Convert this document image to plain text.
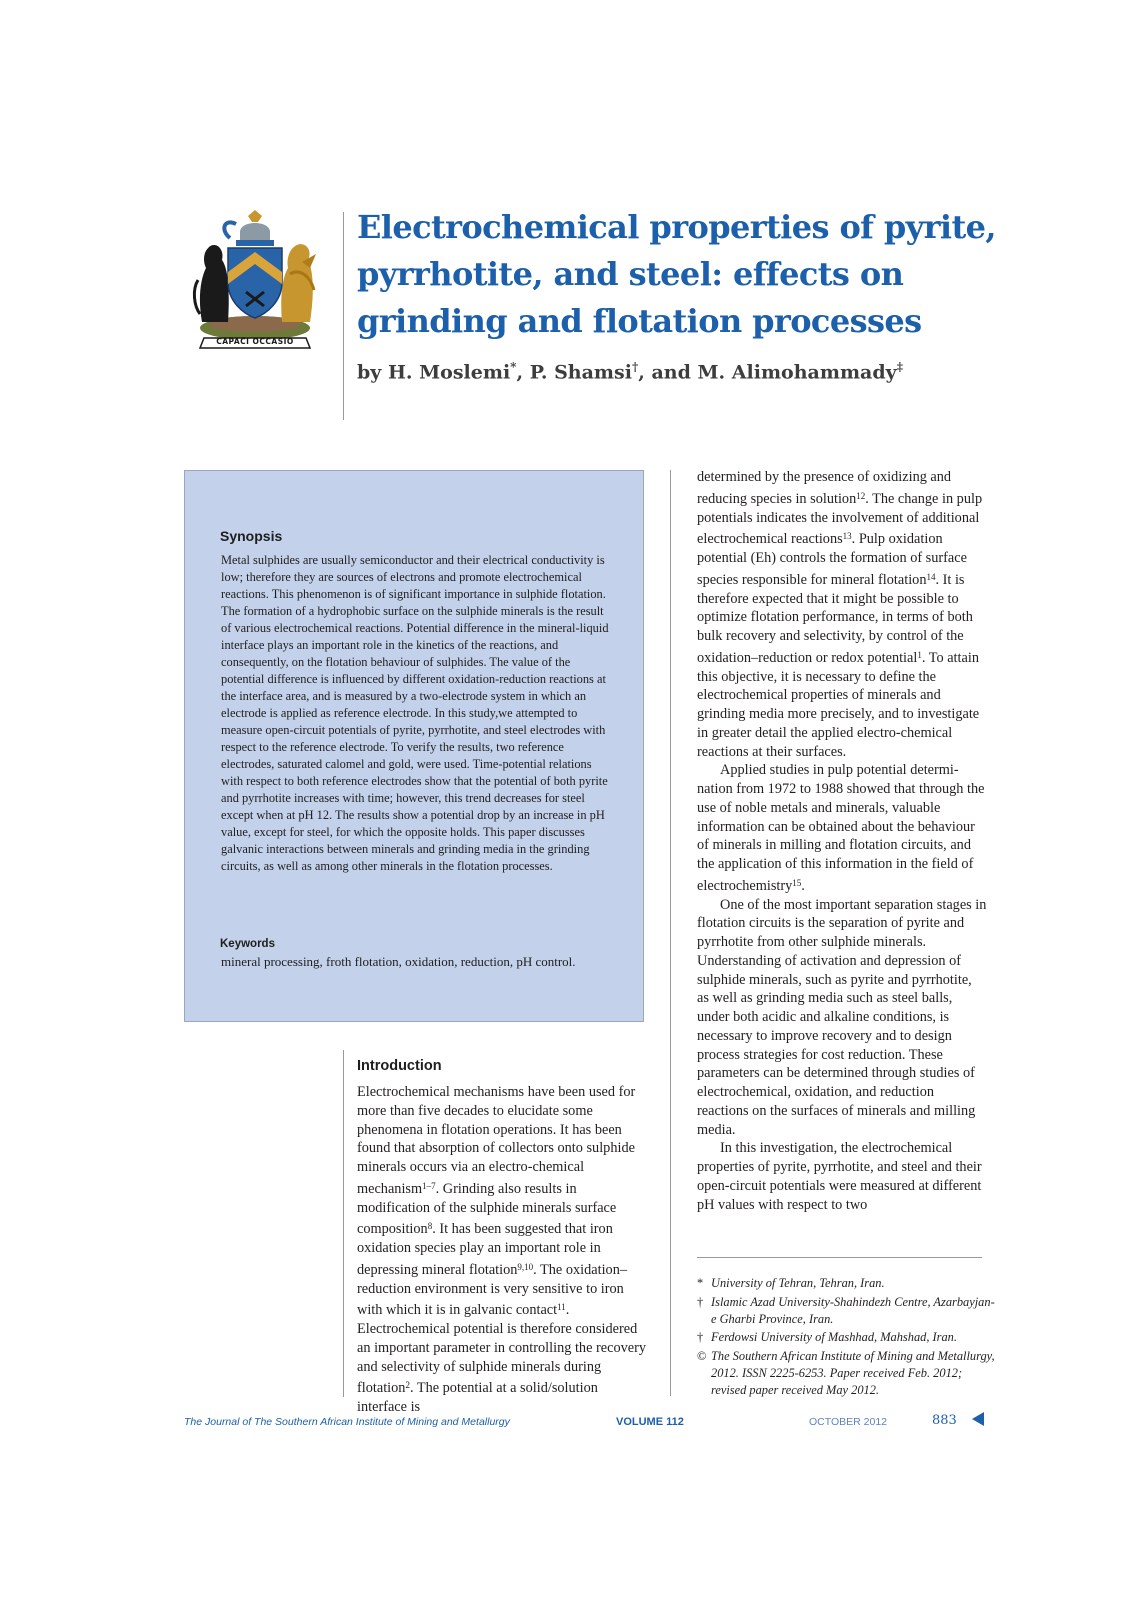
CAPACI OCCASIO
Electrochemical properties of pyrite, pyrrhotite, and steel: effects on grinding and flotation processes
by H. Moslemi*, P. Shamsi†, and M. Alimohammady‡
Synopsis
Metal sulphides are usually semiconductor and their electrical conductivity is low; therefore they are sources of electrons and promote electrochemical reactions. This phenomenon is of significant importance in sulphide flotation. The formation of a hydrophobic surface on the sulphide minerals is the result of various electrochemical reactions. Potential difference in the mineral-liquid interface plays an important role in the kinetics of the reactions, and consequently, on the flotation behaviour of sulphides. The value of the potential difference is influenced by different oxidation-reduction reactions at the interface area, and is measured by a two-electrode system in which an electrode is applied as reference electrode. In this study,we attempted to measure open-circuit potentials of pyrite, pyrrhotite, and steel electrodes with respect to the reference electrode. To verify the results, two reference electrodes, saturated calomel and gold, were used. Time-potential relations with respect to both reference electrodes show that the potential of both pyrite and pyrrhotite increases with time; however, this trend decreases for steel except when at pH 12. The results show a potential drop by an increase in pH value, except for steel, for which the opposite holds. This paper discusses galvanic interactions between minerals and grinding media in the grinding circuits, as well as among other minerals in the flotation processes.
Keywords
mineral processing, froth flotation, oxidation, reduction, pH control.
Introduction

Electrochemical mechanisms have been used for more than five decades to elucidate some phenomena in flotation operations. It has been found that absorption of collectors onto sulphide minerals occurs via an electro-chemical mechanism$^{1-7}$. Grinding also results in modification of the sulphide minerals surface composition$^8$. It has been suggested that iron oxidation species play an important role in depressing mineral flotation$^{9,10}$. The oxidation–reduction environment is very sensitive to iron with which it is in galvanic contact$^{11}$. Electrochemical potential is therefore considered an important parameter in controlling the recovery and selectivity of sulphide minerals during flotation$^2$. The potential at a solid/solution interface is

determined by the presence of oxidizing and reducing species in solution$^{12}$. The change in pulp potentials indicates the involvement of additional electrochemical reactions$^{13}$. Pulp oxidation potential (Eh) controls the formation of surface species responsible for mineral flotation$^{14}$. It is therefore expected that it might be possible to optimize flotation performance, in terms of both bulk recovery and selectivity, by control of the oxidation–reduction or redox potential$^1$. To attain this objective, it is necessary to define the electrochemical properties of minerals and grinding media more precisely, and to investigate in greater detail the applied electro-chemical reactions at their surfaces.

Applied studies in pulp potential determi-nation from 1972 to 1988 showed that through the use of noble metals and minerals, valuable information can be obtained about the behaviour of minerals in milling and flotation circuits, and the application of this information in the field of electrochemistry$^{15}$.

One of the most important separation stages in flotation circuits is the separation of pyrite and pyrrhotite from other sulphide minerals. Understanding of activation and depression of sulphide minerals, such as pyrite and pyrrhotite, as well as grinding media such as steel balls, under both acidic and alkaline conditions, is necessary to improve recovery and to design process strategies for cost reduction. These parameters can be determined through studies of electrochemical, oxidation, and reduction reactions on the surfaces of minerals and milling media.

In this investigation, the electrochemical properties of pyrite, pyrrhotite, and steel and their open-circuit potentials were measured at different pH values with respect to two

* University of Tehran, Tehran, Iran.
† Islamic Azad University-Shahindezh Centre, Azarbayjan-e Gharbi Province, Iran.
† Ferdowsi University of Mashhad, Mahshad, Iran.
© The Southern African Institute of Mining and Metallurgy, 2012. ISSN 2225-6253. Paper received Feb. 2012; revised paper received May 2012.
The Journal of The Southern African Institute of Mining and Metallurgy	VOLUME 112	OCTOBER 2012	883
